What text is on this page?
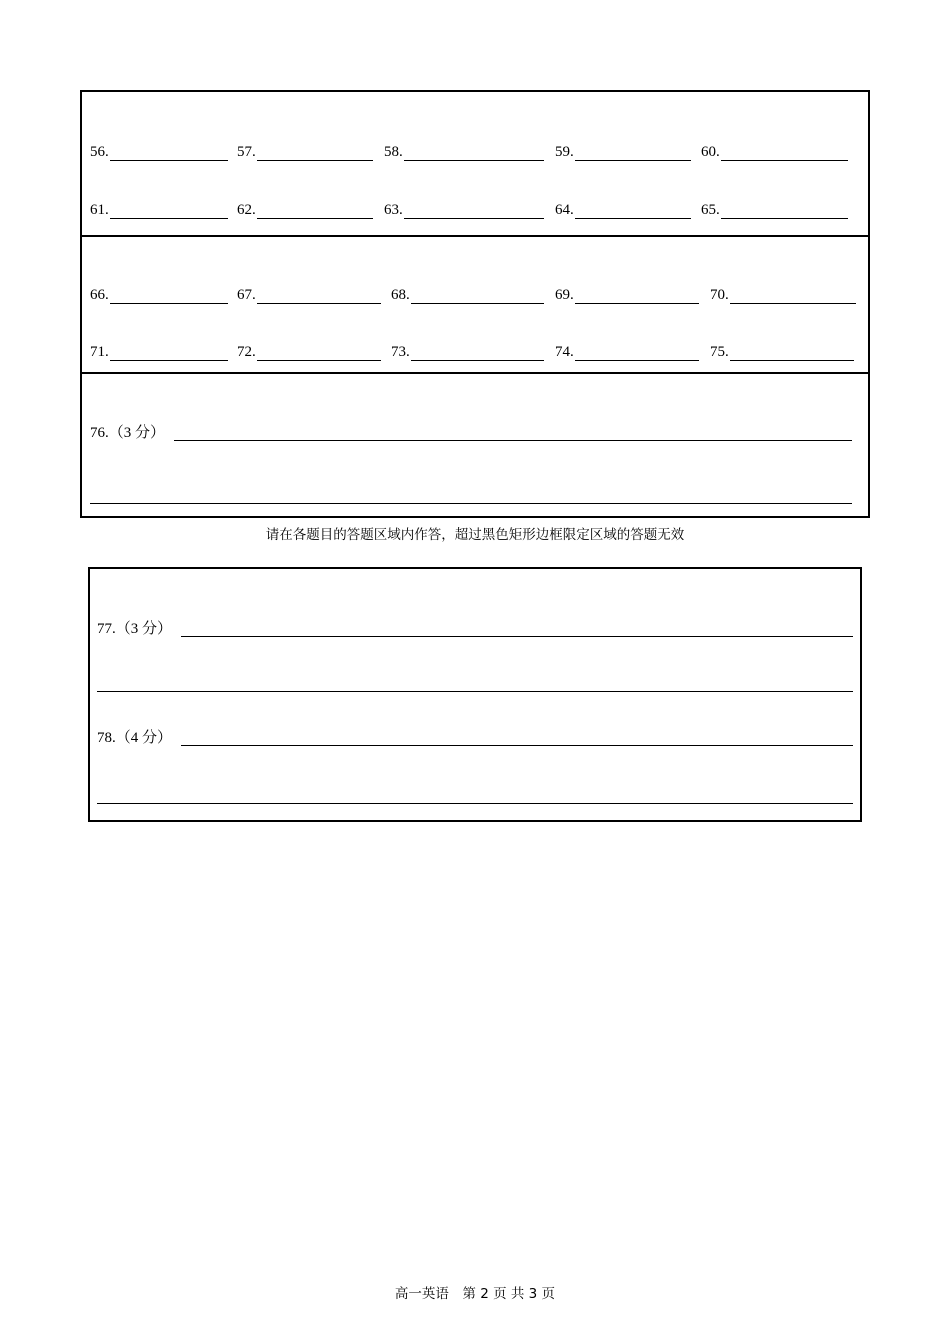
56.	57.	58.	59.	60.
61.	62.	63.	64.	65.
66.	67.	68.	69.	70.
71.	72.	73.	74.	75.
76.（3 分）
请在各题目的答题区域内作答，超过黑色矩形边框限定区域的答题无效
77.（3 分）
78.（4 分）
高一英语　第 2 页 共 3 页
